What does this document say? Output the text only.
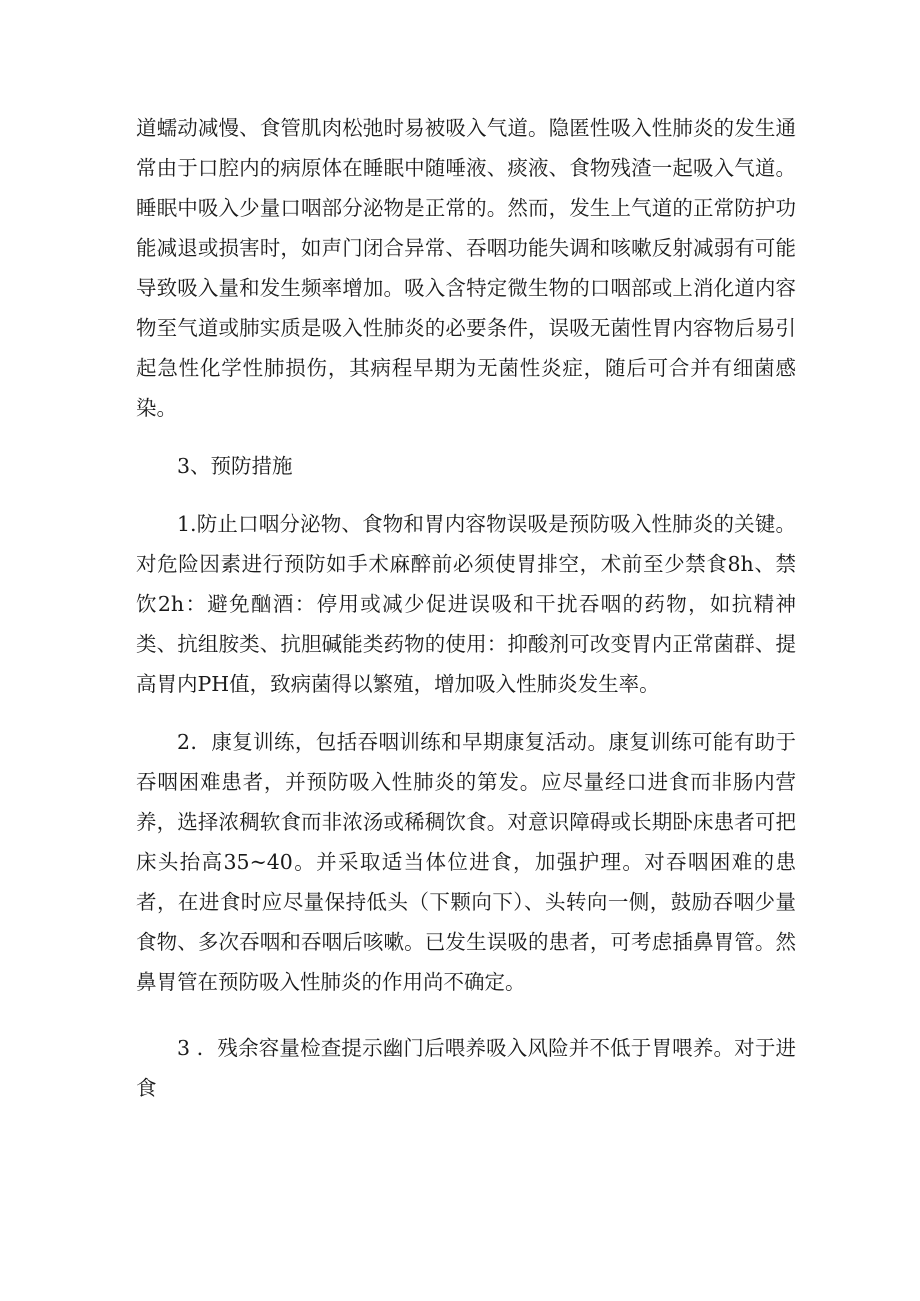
道蠕动减慢、食管肌肉松弛时易被吸入气道。隐匿性吸入性肺炎的发生通常由于口腔内的病原体在睡眠中随唾液、痰液、食物残渣一起吸入气道。睡眠中吸入少量口咽部分泌物是正常的。然而，发生上气道的正常防护功能减退或损害时，如声门闭合异常、吞咽功能失调和咳嗽反射减弱有可能导致吸入量和发生频率增加。吸入含特定微生物的口咽部或上消化道内容物至气道或肺实质是吸入性肺炎的必要条件，误吸无菌性胃内容物后易引起急性化学性肺损伤，其病程早期为无菌性炎症，随后可合并有细菌感染。

3、预防措施

1.防止口咽分泌物、食物和胃内容物误吸是预防吸入性肺炎的关键。对危险因素进行预防如手术麻醉前必须使胃排空，术前至少禁食8h、禁饮2h：避免酗酒：停用或减少促进误吸和干扰吞咽的药物，如抗精神类、抗组胺类、抗胆碱能类药物的使用：抑酸剂可改变胃内正常菌群、提高胃内PH值，致病菌得以繁殖，增加吸入性肺炎发生率。

2．康复训练，包括吞咽训练和早期康复活动。康复训练可能有助于吞咽困难患者，并预防吸入性肺炎的第发。应尽量经口进食而非肠内营养，选择浓稠软食而非浓汤或稀稠饮食。对意识障碍或长期卧床患者可把床头抬高35~40。并采取适当体位进食，加强护理。对吞咽困难的患者，在进食时应尽量保持低头（下颗向下）、头转向一侧，鼓励吞咽少量食物、多次吞咽和吞咽后咳嗽。已发生误吸的患者，可考虑插鼻胃管。然鼻胃管在预防吸入性肺炎的作用尚不确定。

3 ．残余容量检查提示幽门后喂养吸入风险并不低于胃喂养。对于进食
